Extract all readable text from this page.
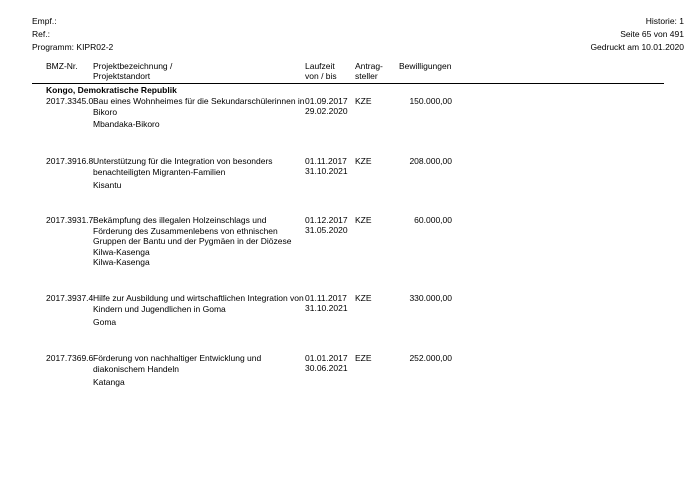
Empf.:
Ref.:
Programm: KIPR02-2
Historie: 1
Seite 65 von 491
Gedruckt am 10.01.2020
BMZ-Nr. Projektbezeichnung /
Projektstandort
Laufzeit
von / bis
Antrag-
steller
Bewilligungen
Kongo, Demokratische Republik
2017.3345.0 Bau eines Wohnheimes für die Sekundarschülerinnen in Bikoro
Mbandaka-Bikoro
01.09.2017
29.02.2020
KZE	150.000,00
2017.3916.8 Unterstützung für die Integration von besonders benachteiligten Migranten-Familien
Kisantu
01.11.2017
31.10.2021
KZE	208.000,00
2017.3931.7 Bekämpfung des illegalen Holzeinschlags und Förderung des Zusammenlebens von ethnischen Gruppen der Bantu und der Pygmäen in der Diözese Kilwa-Kasenga
Kilwa-Kasenga
01.12.2017
31.05.2020
KZE	60.000,00
2017.3937.4 Hilfe zur Ausbildung und wirtschaftlichen Integration von Kindern und Jugendlichen in Goma
Goma
01.11.2017
31.10.2021
KZE	330.000,00
2017.7369.6 Förderung von nachhaltiger Entwicklung und diakonischem Handeln
Katanga
01.01.2017
30.06.2021
EZE	252.000,00
